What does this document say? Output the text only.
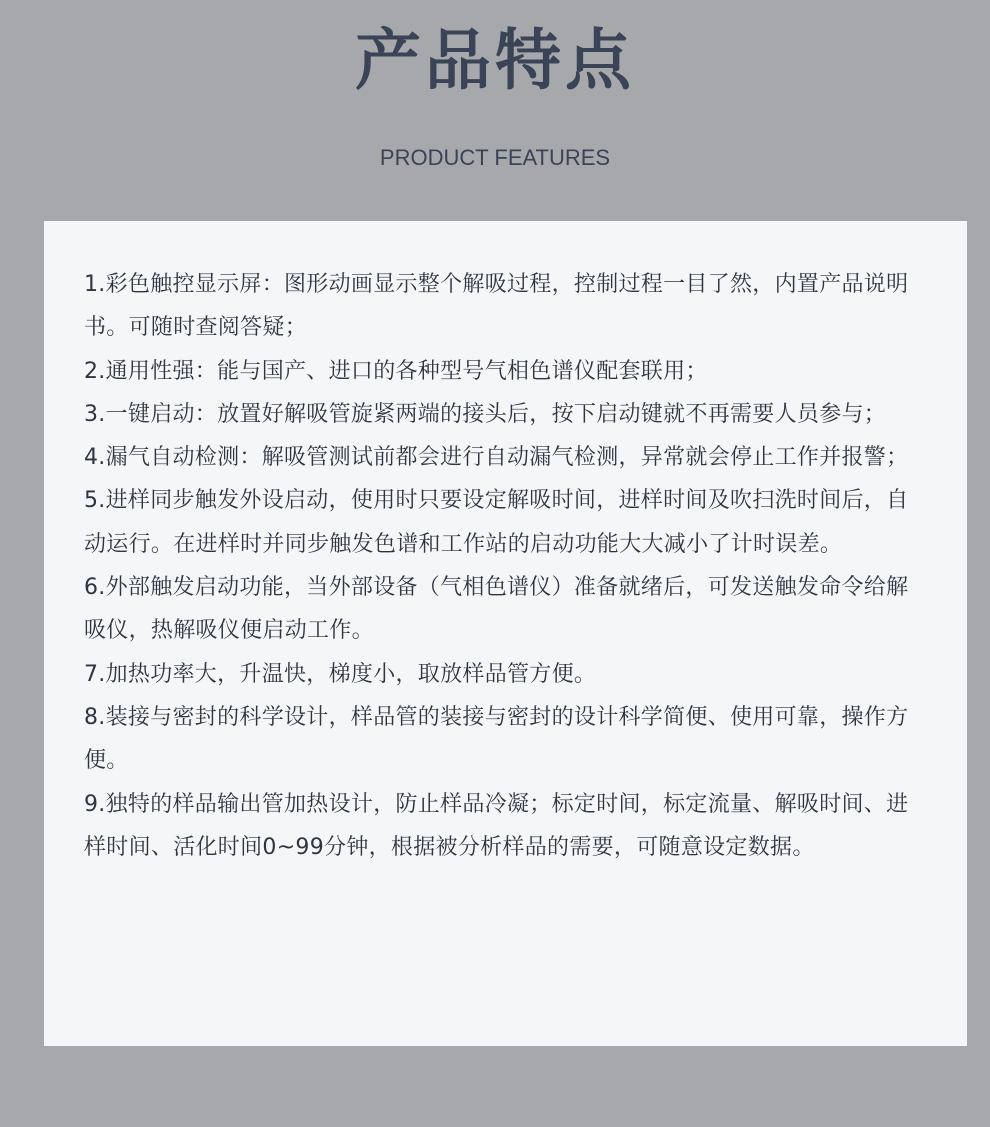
产品特点
PRODUCT FEATURES

1.彩色触控显示屏：图形动画显示整个解吸过程，控制过程一目了然，内置产品说明书。可随时查阅答疑；

2.通用性强：能与国产、进口的各种型号气相色谱仪配套联用；

3.一键启动：放置好解吸管旋紧两端的接头后，按下启动键就不再需要人员参与；

4.漏气自动检测：解吸管测试前都会进行自动漏气检测，异常就会停止工作并报警；

5.进样同步触发外设启动，使用时只要设定解吸时间，进样时间及吹扫洗时间后，自动运行。在进样时并同步触发色谱和工作站的启动功能大大减小了计时误差。

6.外部触发启动功能，当外部设备（气相色谱仪）准备就绪后，可发送触发命令给解吸仪，热解吸仪便启动工作。

7.加热功率大，升温快，梯度小，取放样品管方便。

8.装接与密封的科学设计，样品管的装接与密封的设计科学简便、使用可靠，操作方便。

9.独特的样品输出管加热设计，防止样品冷凝；标定时间，标定流量、解吸时间、进样时间、活化时间0~99分钟，根据被分析样品的需要，可随意设定数据。
